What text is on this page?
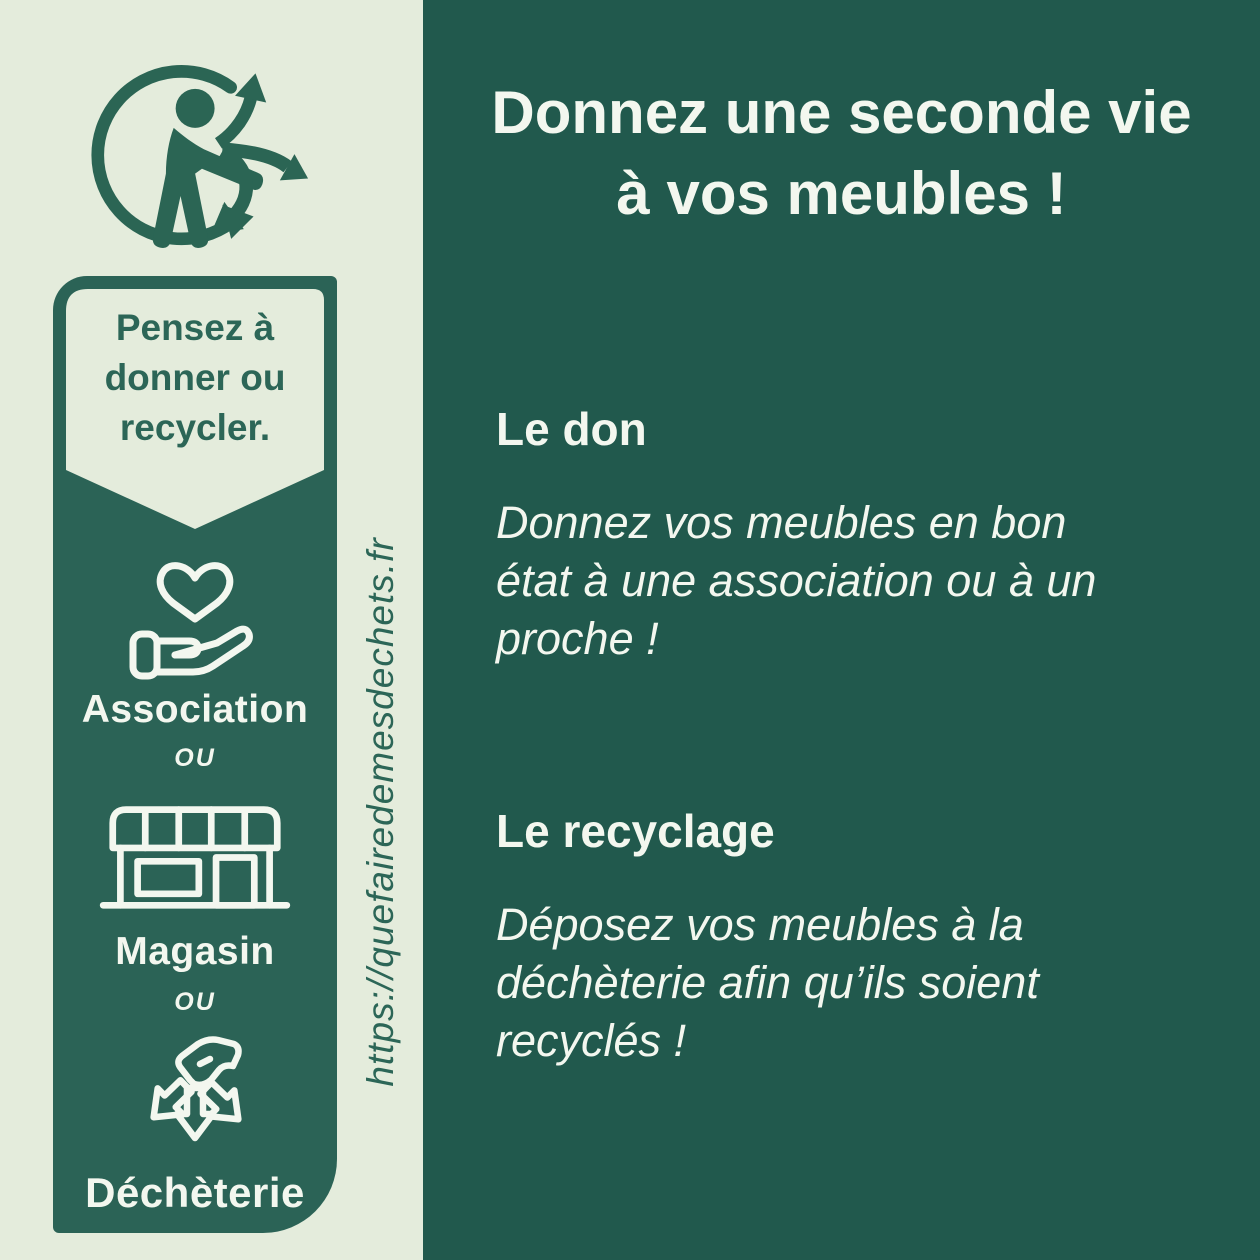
Pensez à
donner ou
recycler.
Association
OU
Magasin
OU
Déchèterie
https://quefairedemesdechets.fr
Donnez une seconde vie
à vos meubles !
Le don
Donnez vos meubles en bon
état à une association ou à un
proche !
Le recyclage
Déposez vos meubles à la
déchèterie afin qu’ils soient
recyclés !
